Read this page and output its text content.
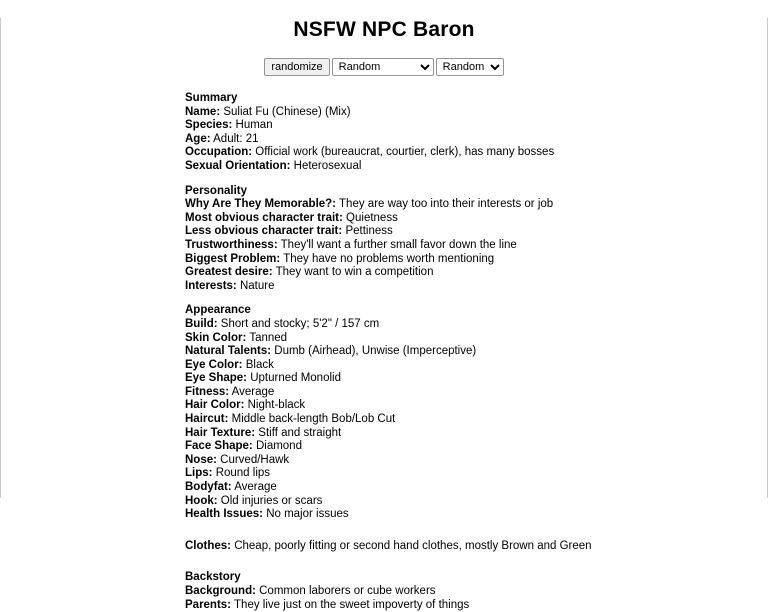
NSFW NPC Baron
randomize
Random
Random
Summary
Name: Suliat Fu (Chinese) (Mix)
Species: Human
Age: Adult: 21
Occupation: Official work (bureaucrat, courtier, clerk), has many bosses
Sexual Orientation: Heterosexual
Personality
Why Are They Memorable?: They are way too into their interests or job
Most obvious character trait: Quietness
Less obvious character trait: Pettiness
Trustworthiness: They'll want a further small favor down the line
Biggest Problem: They have no problems worth mentioning
Greatest desire: They want to win a competition
Interests: Nature
Appearance
Build: Short and stocky; 5'2" / 157 cm
Skin Color: Tanned
Natural Talents: Dumb (Airhead), Unwise (Imperceptive)
Eye Color: Black
Eye Shape: Upturned Monolid
Fitness: Average
Hair Color: Night-black
Haircut: Middle back-length Bob/Lob Cut
Hair Texture: Stiff and straight
Face Shape: Diamond
Nose: Curved/Hawk
Lips: Round lips
Bodyfat: Average
Hook: Old injuries or scars
Health Issues: No major issues
Clothes: Cheap, poorly fitting or second hand clothes, mostly Brown and Green
Backstory
Background: Common laborers or cube workers
Parents: They live just on the sweet impoverty of things
